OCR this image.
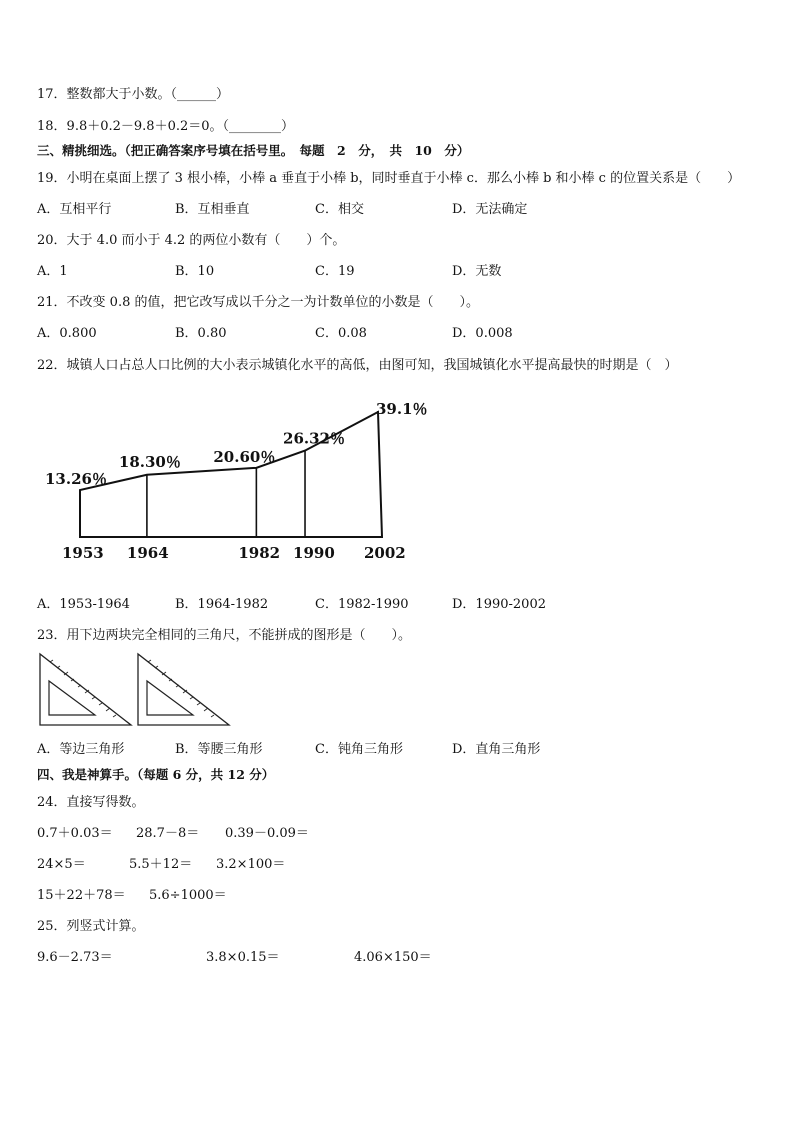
17．整数都大于小数。（______）
18．9.8＋0.2－9.8＋0.2＝0。（________）
三、精挑细选。（把正确答案序号填在括号里。　每题　2　分，　共　10　分）
19．小明在桌面上摆了 3 根小棒，小棒 a 垂直于小棒 b，同时垂直于小棒 c．那么小棒 b 和小棒 c 的位置关系是（　　）
A．互相平行	B．互相垂直	C．相交	D．无法确定
20．大于 4.0 而小于 4.2 的两位小数有（　　）个。
A．1	B．10	C．19	D．无数
21．不改变 0.8 的值，把它改写成以千分之一为计数单位的小数是（　　）。
A．0.800	B．0.80	C．0.08	D．0.008
22．城镇人口占总人口比例的大小表示城镇化水平的高低，由图可知，我国城镇化水平提高最快的时期是（　）
13.26％
18.30％ 20.60％
26.32％
39.1％
1953 1964	1982 1990 2002
A．1953-1964	B．1964-1982	C．1982-1990	D．1990-2002
23．用下边两块完全相同的三角尺，不能拼成的图形是（　　）。
A．等边三角形	B．等腰三角形	C．钝角三角形	D．直角三角形
四、我是神算手。（每题 6 分，共 12 分）
24．直接写得数。
0.7＋0.03＝ 28.7－8＝ 0.39－0.09＝
24×5＝	5.5＋12＝ 3.2×100＝
15＋22＋78＝ 5.6÷1000＝
25．列竖式计算。
9.6－2.73＝	3.8×0.15＝	4.06×150＝
